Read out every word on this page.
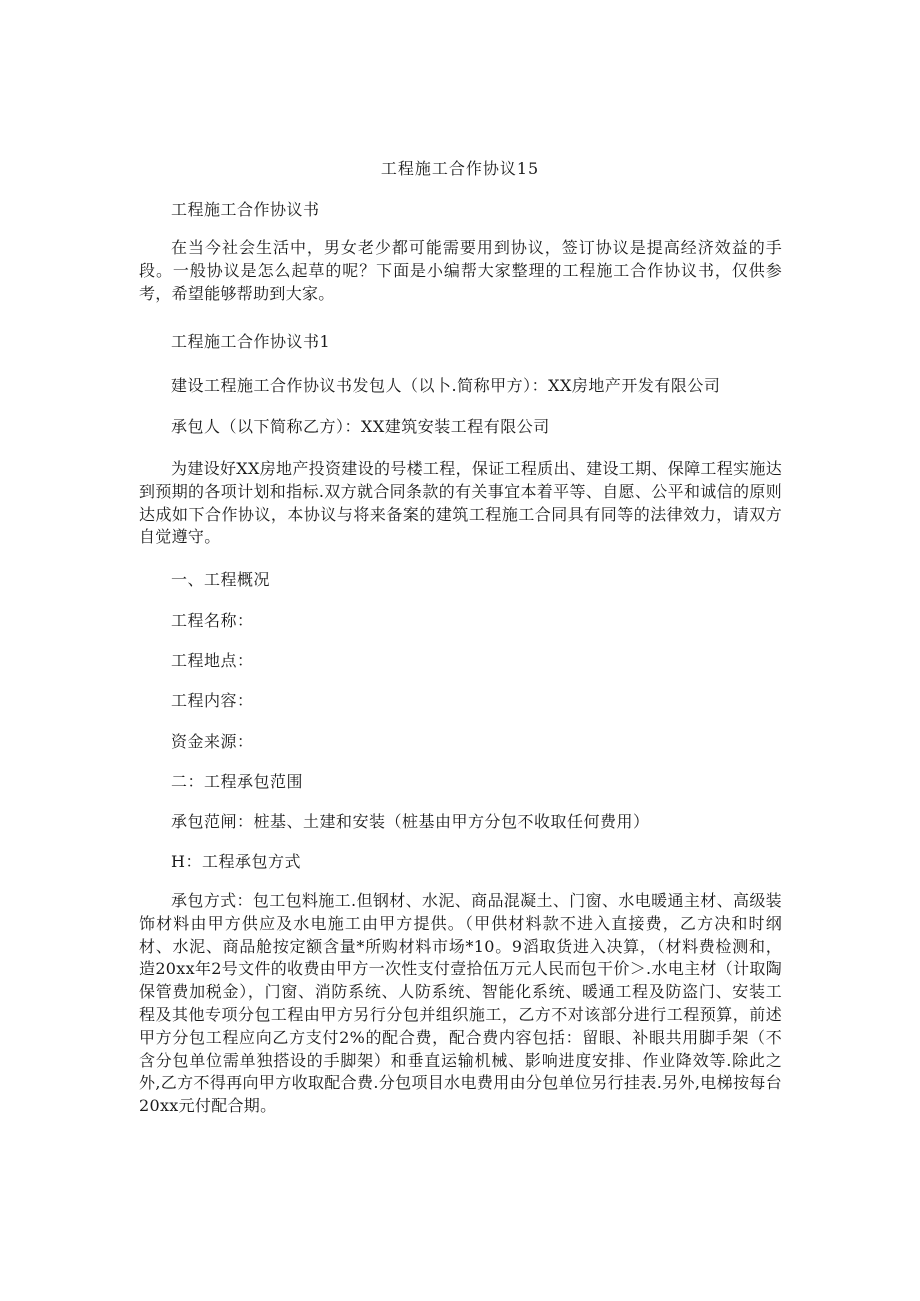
工程施工合作协议15
工程施工合作协议书
在当今社会生活中，男女老少都可能需要用到协议，签订协议是提高经济效益的手段。一般协议是怎么起草的呢？下面是小编帮大家整理的工程施工合作协议书，仅供参考，希望能够帮助到大家。
工程施工合作协议书1
建设工程施工合作协议书发包人（以卜.简称甲方）：XX房地产开发有限公司
承包人（以下简称乙方）：XX建筑安装工程有限公司
为建设好XX房地产投资建设的号楼工程，保证工程质出、建设工期、保障工程实施达到预期的各项计划和指标.双方就合同条款的有关事宜本着平等、自愿、公平和诚信的原则达成如下合作协议，本协议与将来备案的建筑工程施工合同具有同等的法律效力，请双方自觉遵守。
一、工程概况
工程名称：
工程地点：
工程内容：
资金来源：
二：工程承包范围
承包范闸：桩基、土建和安装（桩基由甲方分包不收取任何费用）
H：工程承包方式
承包方式：包工包料施工.但钢材、水泥、商品混凝土、门窗、水电暖通主材、高级装饰材料由甲方供应及水电施工由甲方提供。（甲供材料款不进入直接费，乙方决和时纲材、水泥、商品舱按定额含量*所购材料市场*10。9滔取货进入决算，（材料费检测和，造20xx年2号文件的收费由甲方一次性支付壹拾伍万元人民而包干价＞.水电主材（计取陶保管费加税金），门窗、消防系统、人防系统、智能化系统、暖通工程及防盗门、安装工程及其他专项分包工程由甲方另行分包并组织施工，乙方不对该部分进行工程预算，前述甲方分包工程应向乙方支付2%的配合费，配合费内容包括：留眼、补眼共用脚手架（不含分包单位需单独搭设的手脚架）和垂直运输机械、影响进度安排、作业降效等.除此之外,乙方不得再向甲方收取配合费.分包项目水电费用由分包单位另行挂表.另外,电梯按每台20xx元付配合期。
